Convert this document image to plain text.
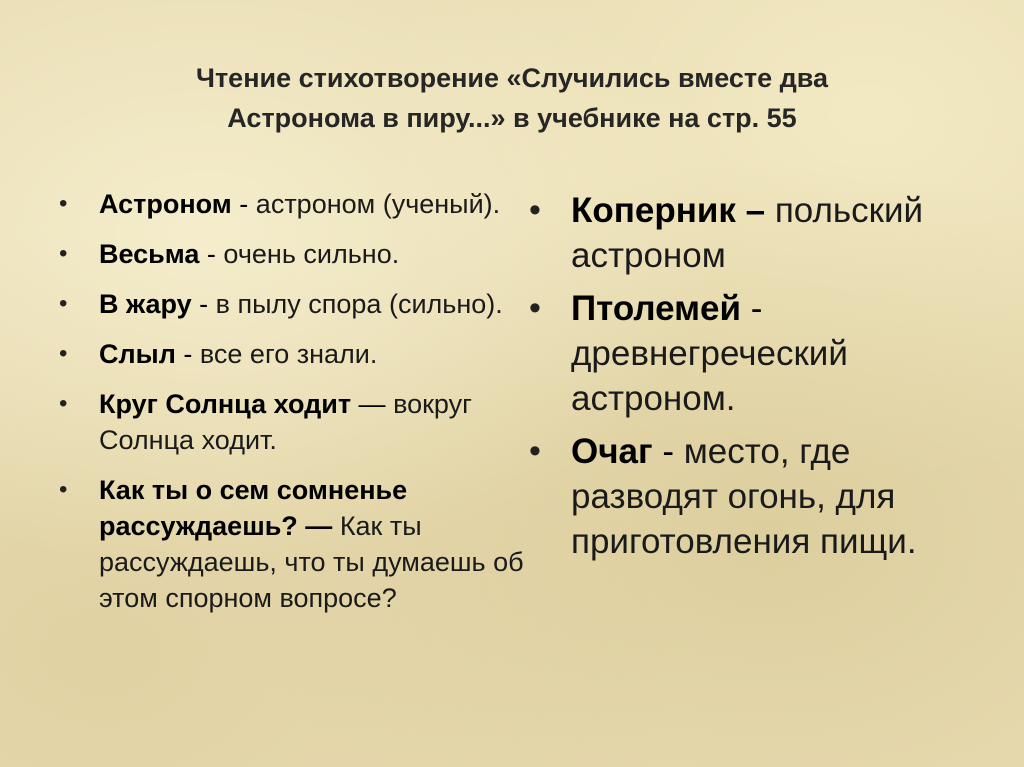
Чтение стихотворение «Случились вместе два
Астронома в пиру...» в учебнике на стр. 55
• Астроном - астроном (ученый).
• Весьма - очень сильно.
• В жару - в пылу спора (сильно).
• Слыл - все его знали.
• Круг Солнца ходит — вокруг Солнца ходит.
• Как ты о сем сомненье рассуждаешь? — Как ты рассуждаешь, что ты думаешь об этом спорном вопросе?
• Коперник – польский астроном
• Птолемей - древнегреческий астроном.
• Очаг - место, где разводят огонь, для приготовления пищи.
